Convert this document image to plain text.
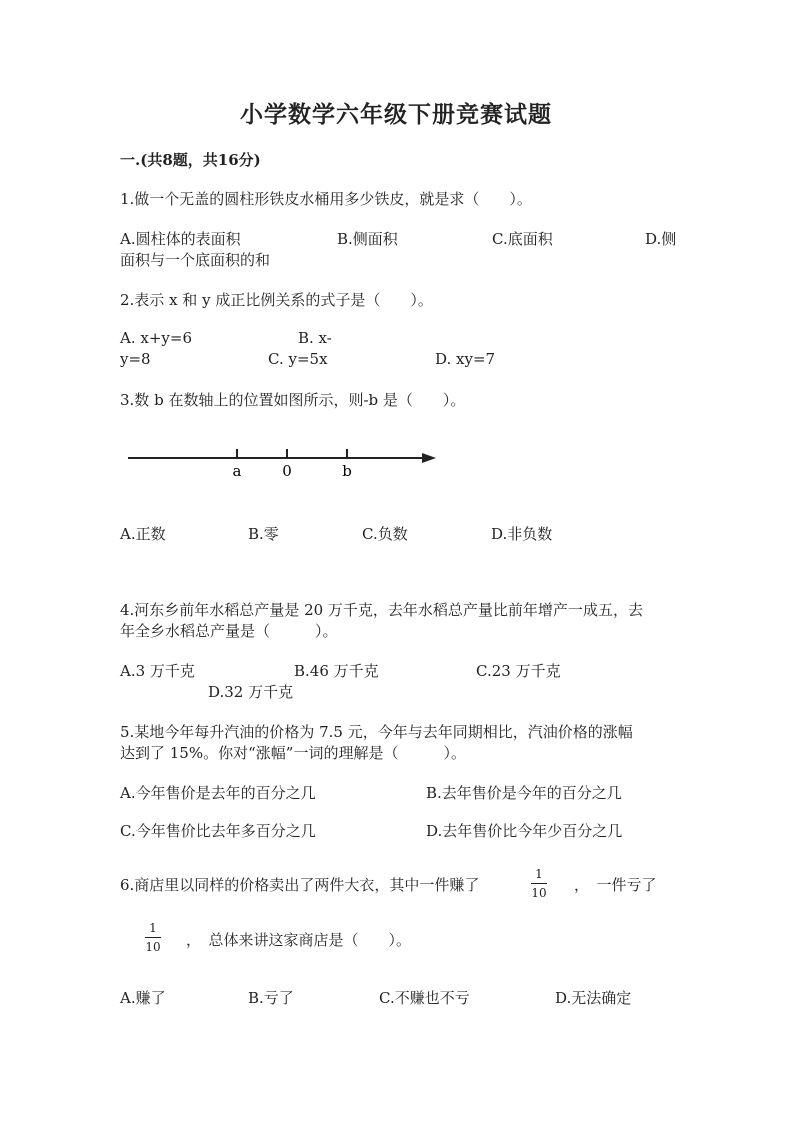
小学数学六年级下册竞赛试题
一.(共8题，共16分)
1.做一个无盖的圆柱形铁皮水桶用多少铁皮，就是求（　　）。
A.圆柱体的表面积	B.侧面积	C.底面积	D.侧
面积与一个底面积的和
2.表示 x 和 y 成正比例关系的式子是（　　）。
A. x+y=6	B. x-
y=8	C. y=5x	D. xy=7
3.数 b 在数轴上的位置如图所示，则-b 是（　　）。
a	0	b
A.正数	B.零	C.负数	D.非负数
4.河东乡前年水稻总产量是 20 万千克，去年水稻总产量比前年增产一成五，去
年全乡水稻总产量是（　　　）。
A.3 万千克	B.46 万千克	C.23 万千克
D.32 万千克
5.某地今年每升汽油的价格为 7.5 元，今年与去年同期相比，汽油价格的涨幅
达到了 15%。你对“涨幅”一词的理解是（　　　）。
A.今年售价是去年的百分之几	B.去年售价是今年的百分之几
C.今年售价比去年多百分之几	D.去年售价比今年少百分之几
6.商店里以同样的价格卖出了两件大衣，其中一件赚了
1
10 ，　一件亏了
1
10 ，　总体来讲这家商店是（　　）。
A.赚了	B.亏了	C.不赚也不亏	D.无法确定
